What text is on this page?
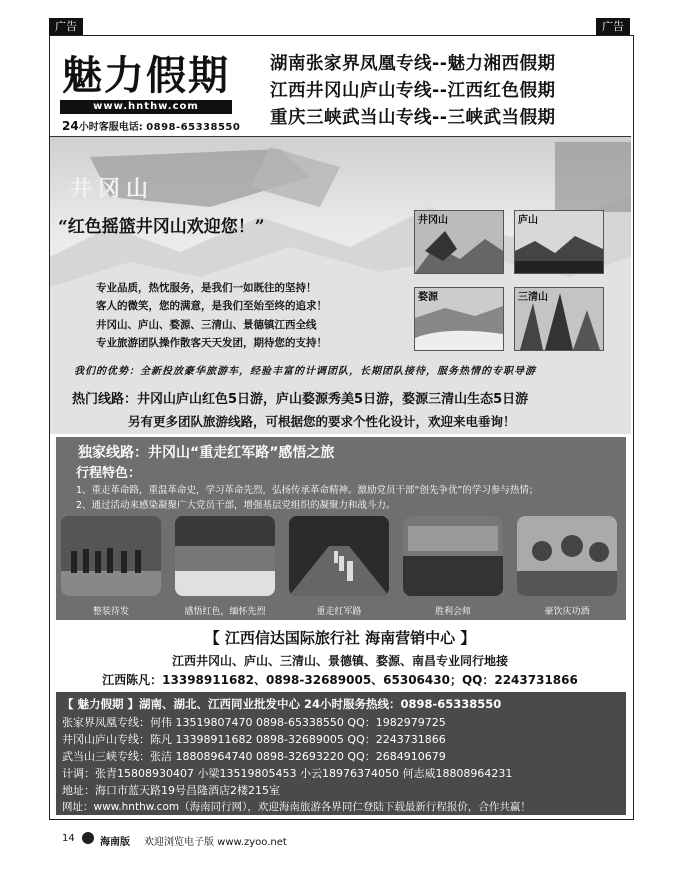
广告	广告
魅力假期
www.hnthw.com
24小时客服电话: 0898-65338550
湖南张家界凤凰专线--魅力湘西假期
江西井冈山庐山专线--江西红色假期
重庆三峡武当山专线--三峡武当假期
井冈山
“红色摇篮井冈山欢迎您！”
专业品质，热忱服务，是我们一如既往的坚持！
客人的微笑，您的满意，是我们至始至终的追求！
井冈山、庐山、婺源、三清山、景德镇江西全线
专业旅游团队操作散客天天发团，期待您的支持！
井冈山	庐山
婺源	三清山
我们的优势：全新投放豪华旅游车，经验丰富的计调团队，长期团队接待，服务热情的专职导游
热门线路：井冈山庐山红色5日游，庐山婺源秀美5日游，婺源三清山生态5日游
另有更多团队旅游线路，可根据您的要求个性化设计，欢迎来电垂询！
独家线路：井冈山“重走红军路”感悟之旅
行程特色：
1、重走革命路，重温革命史，学习革命先烈，弘扬传承革命精神。激励党员干部“创先争优”的学习参与热情；
2、通过活动来感染凝聚广大党员干部，增强基层党组织的凝聚力和战斗力。
整装待发	感悟红色，缅怀先烈	重走红军路	胜利会师	豪饮庆功酒
【 江西信达国际旅行社 海南营销中心 】
江西井冈山、庐山、三清山、景德镇、婺源、南昌专业同行地接
江西陈凡：13398911682、0898-32689005、65306430；QQ：2243731866
【 魅力假期 】湖南、湖北、江西同业批发中心 24小时服务热线：0898-65338550
张家界凤凰专线：何伟 13519807470 0898-65338550 QQ：1982979725
井冈山庐山专线：陈凡 13398911682 0898-32689005 QQ：2243731866
武当山三峡专线：张洁 18808964740 0898-32693220 QQ：2684910679
计调：张青15808930407 小梁13519805453 小云18976374050 何志威18808964231
地址：海口市蓝天路19号昌隆酒店2楼215室
网址：www.hnthw.com（海南同行网），欢迎海南旅游各界同仁登陆下载最新行程报价，合作共赢！
14	海南版 欢迎浏览电子版 www.zyoo.net
